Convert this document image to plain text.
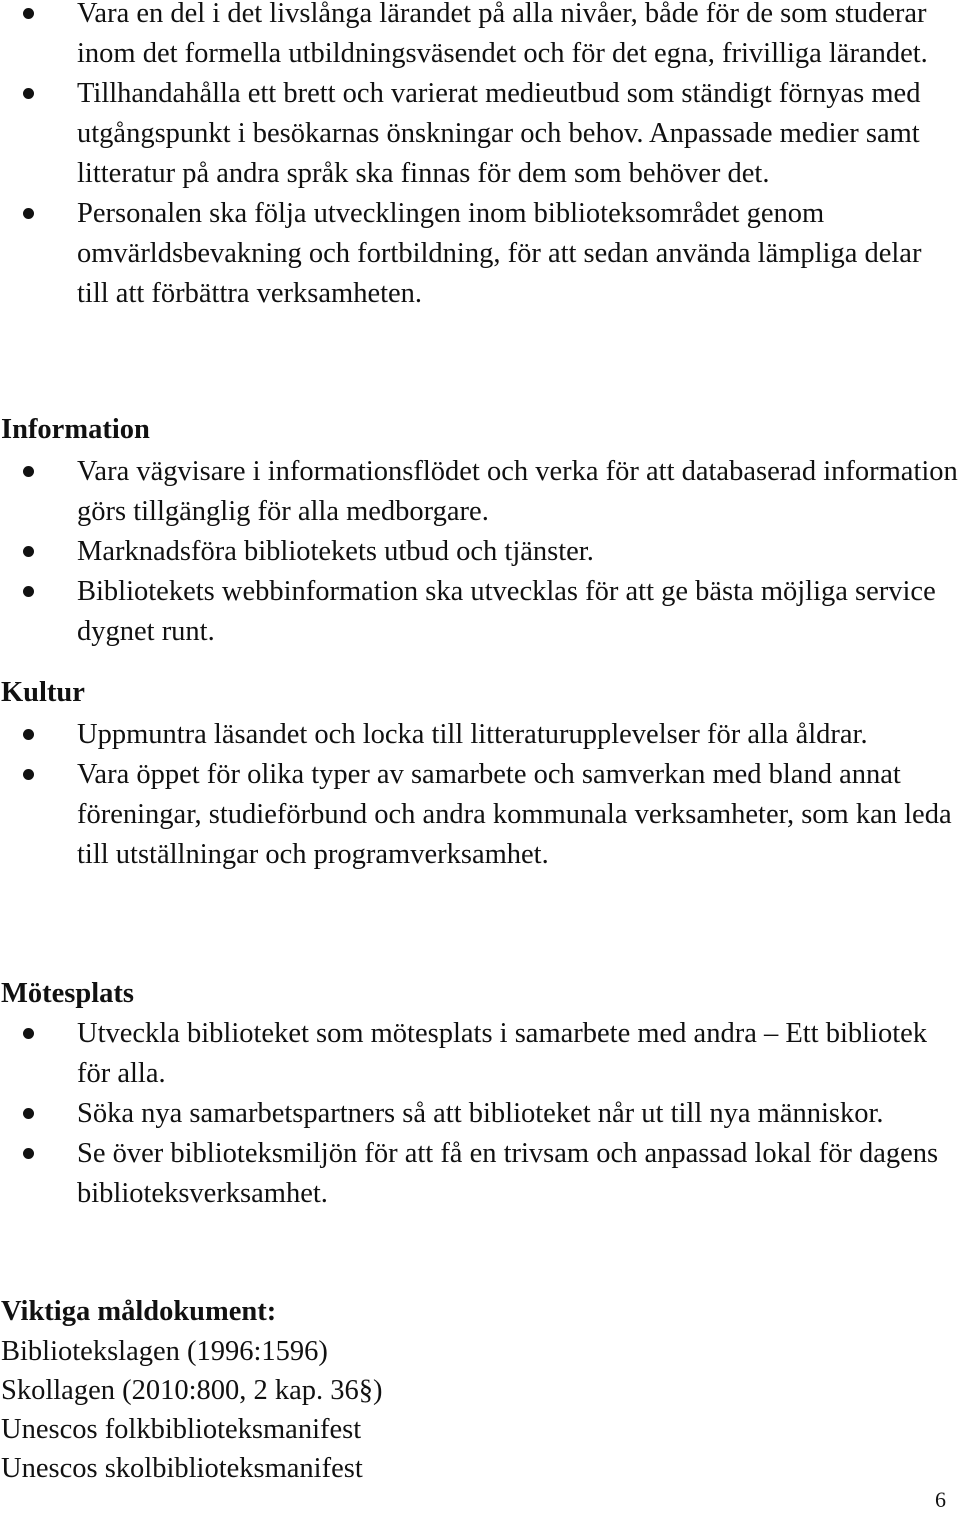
Vara en del i det livslånga lärandet på alla nivåer, både för de som studerar inom det formella utbildningsväsendet och för det egna, frivilliga lärandet.
Tillhandahålla ett brett och varierat medieutbud som ständigt förnyas med utgångspunkt i besökarnas önskningar och behov. Anpassade medier samt litteratur på andra språk ska finnas för dem som behöver det.
Personalen ska följa utvecklingen inom biblioteksområdet genom omvärldsbevakning och fortbildning, för att sedan använda lämpliga delar till att förbättra verksamheten.
Information
Vara vägvisare i informationsflödet och verka för att databaserad information görs tillgänglig för alla medborgare.
Marknadsföra bibliotekets utbud och tjänster.
Bibliotekets webbinformation ska utvecklas för att ge bästa möjliga service dygnet runt.
Kultur
Uppmuntra läsandet och locka till litteraturupplevelser för alla åldrar.
Vara öppet för olika typer av samarbete och samverkan med bland annat föreningar, studieförbund och andra kommunala verksamheter, som kan leda till utställningar och programverksamhet.
Mötesplats
Utveckla biblioteket som mötesplats i samarbete med andra – Ett bibliotek för alla.
Söka nya samarbetspartners så att biblioteket når ut till nya människor.
Se över biblioteksmiljön för att få en trivsam och anpassad lokal för dagens biblioteksverksamhet.
Viktiga måldokument:
Bibliotekslagen (1996:1596)
Skollagen (2010:800, 2 kap. 36§)
Unescos folkbiblioteksmanifest
Unescos skolbiblioteksmanifest
6
